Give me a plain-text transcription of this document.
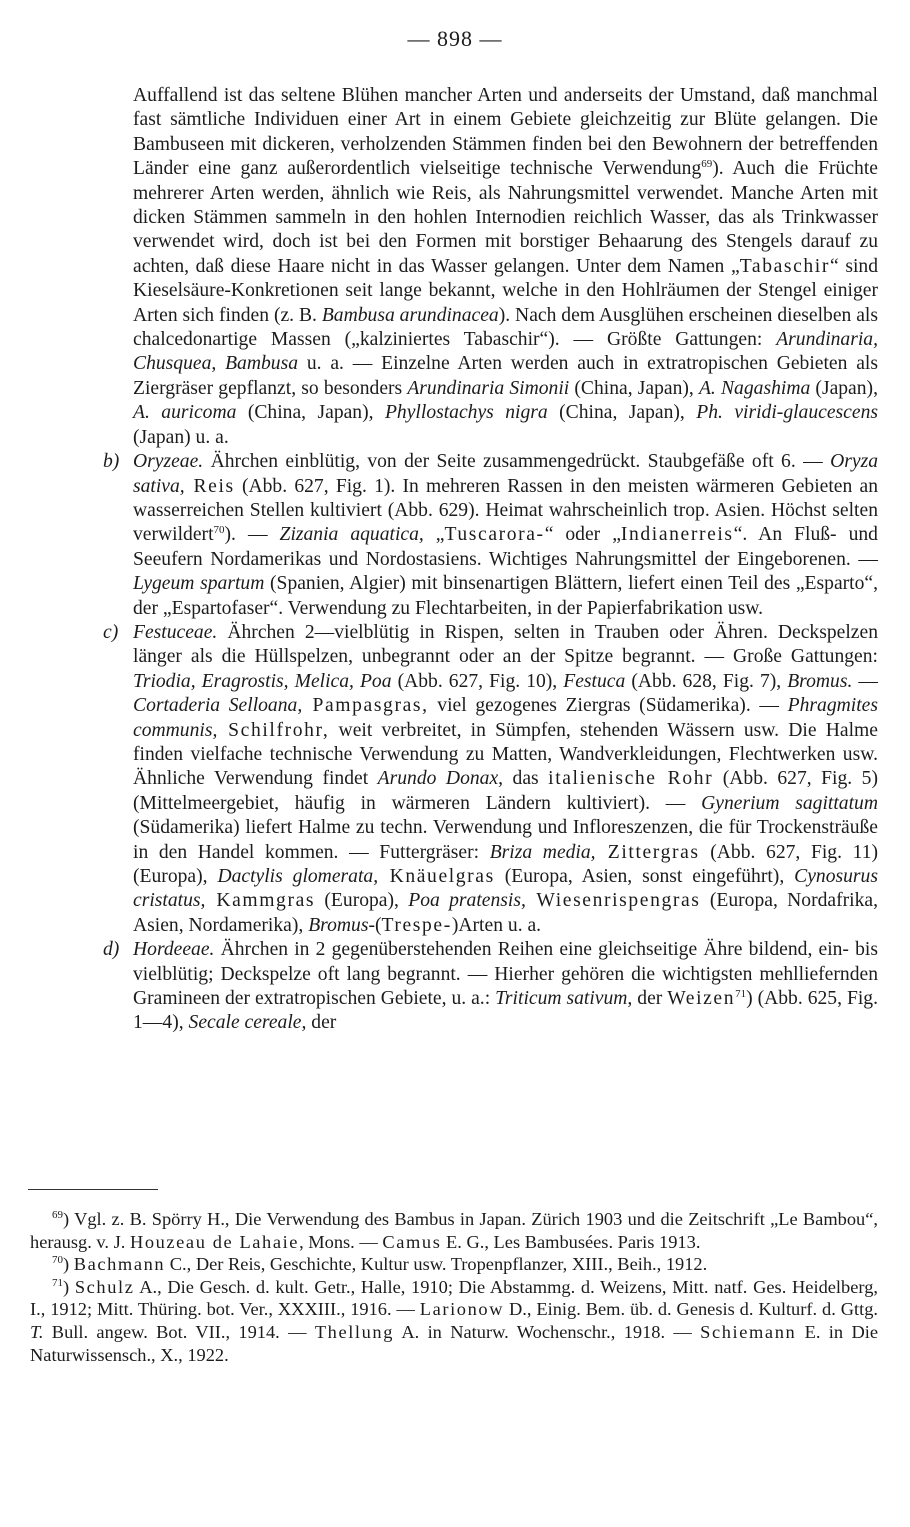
— 898 —

Auffallend ist das seltene Blühen mancher Arten und anderseits der Umstand, daß manchmal fast sämtliche Individuen einer Art in einem Gebiete gleichzeitig zur Blüte gelangen. Die Bambuseen mit dickeren, verholzenden Stämmen finden bei den Bewohnern der betreffenden Länder eine ganz außerordentlich vielseitige technische Verwendung$^{69}$). Auch die Früchte mehrerer Arten werden, ähnlich wie Reis, als Nahrungsmittel verwendet. Manche Arten mit dicken Stämmen sammeln in den hohlen Internodien reichlich Wasser, das als Trinkwasser verwendet wird, doch ist bei den Formen mit borstiger Behaarung des Stengels darauf zu achten, daß diese Haare nicht in das Wasser gelangen. Unter dem Namen „Tabaschir“ sind Kieselsäure-Konkretionen seit lange bekannt, welche in den Hohlräumen der Stengel einiger Arten sich finden (z. B. Bambusa arundinacea). Nach dem Ausglühen erscheinen dieselben als chalcedonartige Massen („kalziniertes Tabaschir“). — Größte Gattungen: Arundinaria, Chusquea, Bambusa u. a. — Einzelne Arten werden auch in extratropischen Gebieten als Ziergräser gepflanzt, so besonders Arundinaria Simonii (China, Japan), A. Nagashima (Japan), A. auricoma (China, Japan), Phyllostachys nigra (China, Japan), Ph. viridi-glaucescens (Japan) u. a.

b) Oryzeae. Ährchen einblütig, von der Seite zusammengedrückt. Staubgefäße oft 6. — Oryza sativa, Reis (Abb. 627, Fig. 1). In mehreren Rassen in den meisten wärmeren Gebieten an wasserreichen Stellen kultiviert (Abb. 629). Heimat wahrscheinlich trop. Asien. Höchst selten verwildert$^{70}$). — Zizania aquatica, „Tuscarora-“ oder „Indianerreis“. An Fluß- und Seeufern Nordamerikas und Nordostasiens. Wichtiges Nahrungsmittel der Eingeborenen. — Lygeum spartum (Spanien, Algier) mit binsenartigen Blättern, liefert einen Teil des „Esparto“, der „Espartofaser“. Verwendung zu Flechtarbeiten, in der Papierfabrikation usw.

c) Festuceae. Ährchen 2—vielblütig in Rispen, selten in Trauben oder Ähren. Deckspelzen länger als die Hüllspelzen, unbegrannt oder an der Spitze begrannt. — Große Gattungen: Triodia, Eragrostis, Melica, Poa (Abb. 627, Fig. 10), Festuca (Abb. 628, Fig. 7), Bromus. — Cortaderia Selloana, Pampasgras, viel gezogenes Ziergras (Südamerika). — Phragmites communis, Schilfrohr, weit verbreitet, in Sümpfen, stehenden Wässern usw. Die Halme finden vielfache technische Verwendung zu Matten, Wandverkleidungen, Flechtwerken usw. Ähnliche Verwendung findet Arundo Donax, das italienische Rohr (Abb. 627, Fig. 5) (Mittelmeergebiet, häufig in wärmeren Ländern kultiviert). — Gynerium sagittatum (Südamerika) liefert Halme zu techn. Verwendung und Infloreszenzen, die für Trockensträuße in den Handel kommen. — Futtergräser: Briza media, Zittergras (Abb. 627, Fig. 11) (Europa), Dactylis glomerata, Knäuelgras (Europa, Asien, sonst eingeführt), Cynosurus cristatus, Kammgras (Europa), Poa pratensis, Wiesenrispengras (Europa, Nordafrika, Asien, Nordamerika), Bromus-(Trespe-)Arten u. a.

d) Hordeeae. Ährchen in 2 gegenüberstehenden Reihen eine gleichseitige Ähre bildend, ein- bis vielblütig; Deckspelze oft lang begrannt. — Hierher gehören die wichtigsten mehlliefernden Gramineen der extratropischen Gebiete, u. a.: Triticum sativum, der Weizen$^{71}$) (Abb. 625, Fig. 1—4), Secale cereale, der

$^{69}$) Vgl. z. B. Spörry H., Die Verwendung des Bambus in Japan. Zürich 1903 und die Zeitschrift „Le Bambou“, herausg. v. J. Houzeau de Lahaie, Mons. — Camus E. G., Les Bambusées. Paris 1913.

$^{70}$) Bachmann C., Der Reis, Geschichte, Kultur usw. Tropenpflanzer, XIII., Beih., 1912.

$^{71}$) Schulz A., Die Gesch. d. kult. Getr., Halle, 1910; Die Abstammg. d. Weizens, Mitt. natf. Ges. Heidelberg, I., 1912; Mitt. Thüring. bot. Ver., XXXIII., 1916. — Larionow D., Einig. Bem. üb. d. Genesis d. Kulturf. d. Gttg. T. Bull. angew. Bot. VII., 1914. — Thellung A. in Naturw. Wochenschr., 1918. — Schiemann E. in Die Naturwissensch., X., 1922.
